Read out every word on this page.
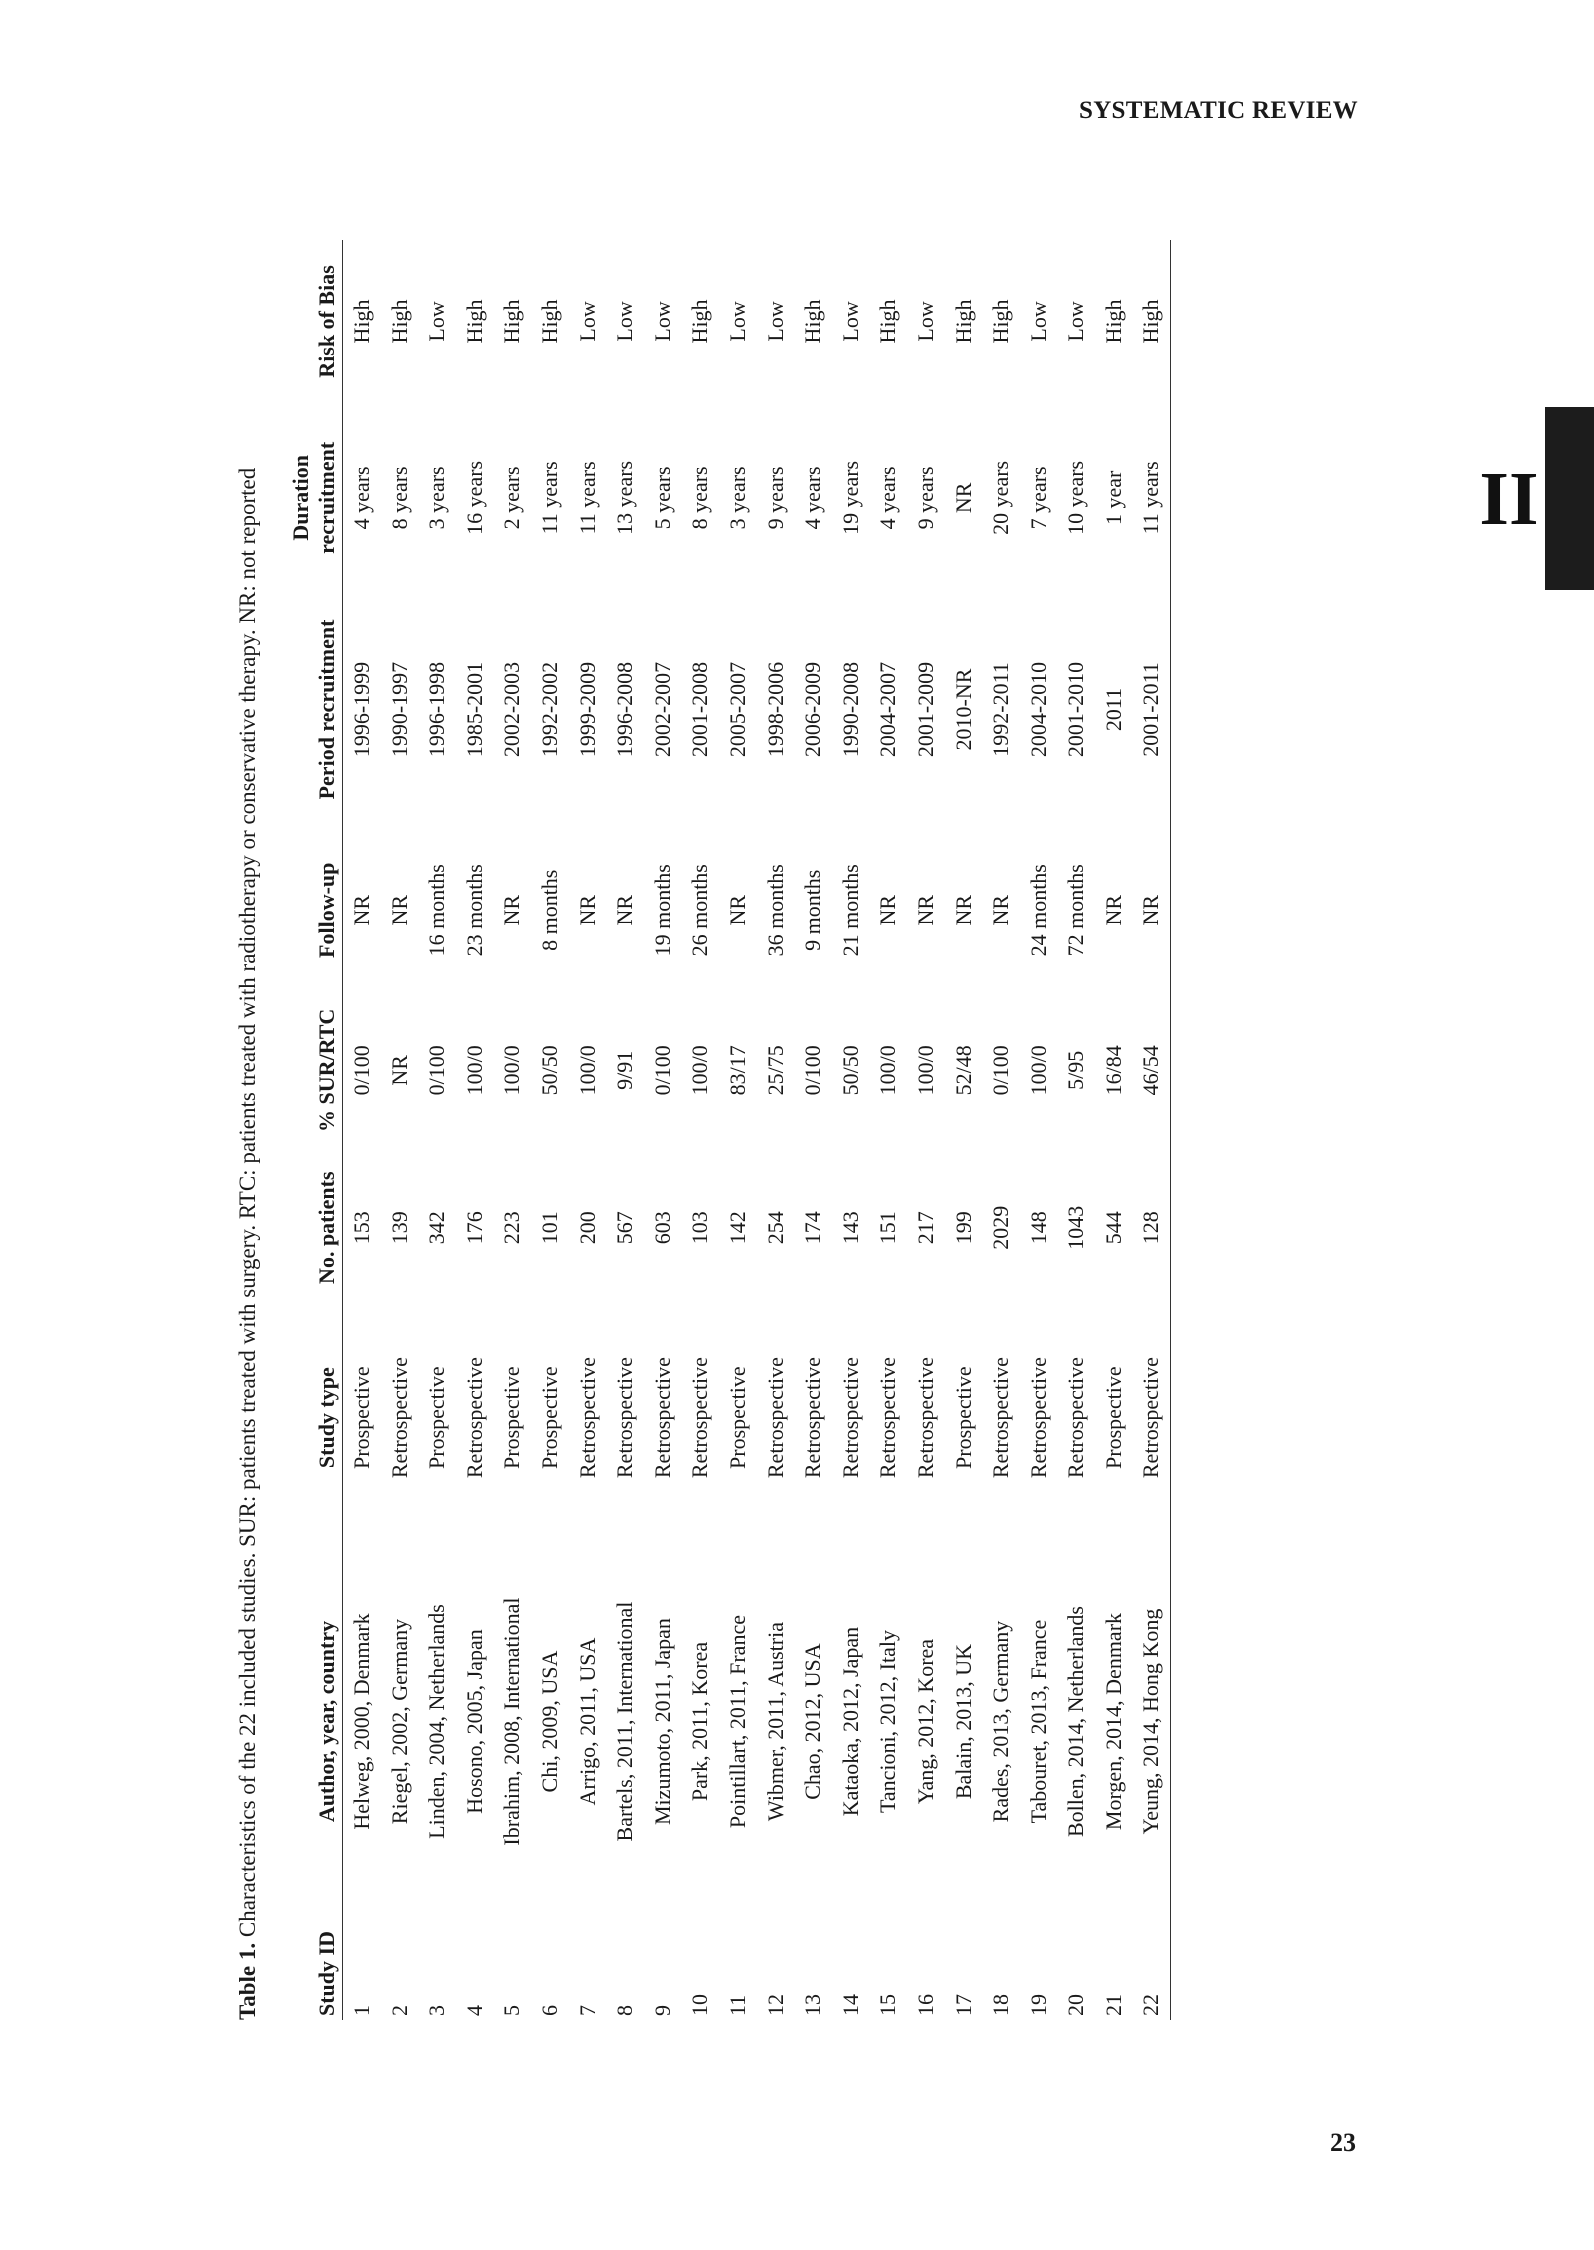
SYSTEMATIC REVIEW
II
23
Table 1. Characteristics of the 22 included studies. SUR: patients treated with surgery. RTC: patients treated with radiotherapy or conservative therapy. NR: not reported
Study ID	Author, year, country	Study type	No. patients	% SUR/RTC	Follow-up	Period recruitment	Duration recruitment	Risk of Bias
1	Helweg, 2000, Denmark	Prospective	153	0/100	NR	1996-1999	4 years	High
2	Riegel, 2002, Germany	Retrospective	139	NR	NR	1990-1997	8 years	High
3	Linden, 2004, Netherlands	Prospective	342	0/100	16 months	1996-1998	3 years	Low
4	Hosono, 2005, Japan	Retrospective	176	100/0	23 months	1985-2001	16 years	High
5	Ibrahim, 2008, International	Prospective	223	100/0	NR	2002-2003	2 years	High
6	Chi, 2009, USA	Prospective	101	50/50	8 months	1992-2002	11 years	High
7	Arrigo, 2011, USA	Retrospective	200	100/0	NR	1999-2009	11 years	Low
8	Bartels, 2011, International	Retrospective	567	9/91	NR	1996-2008	13 years	Low
9	Mizumoto, 2011, Japan	Retrospective	603	0/100	19 months	2002-2007	5 years	Low
10	Park, 2011, Korea	Retrospective	103	100/0	26 months	2001-2008	8 years	High
11	Pointillart, 2011, France	Prospective	142	83/17	NR	2005-2007	3 years	Low
12	Wibmer, 2011, Austria	Retrospective	254	25/75	36 months	1998-2006	9 years	Low
13	Chao, 2012, USA	Retrospective	174	0/100	9 months	2006-2009	4 years	High
14	Kataoka, 2012, Japan	Retrospective	143	50/50	21 months	1990-2008	19 years	Low
15	Tancioni, 2012, Italy	Retrospective	151	100/0	NR	2004-2007	4 years	High
16	Yang, 2012, Korea	Retrospective	217	100/0	NR	2001-2009	9 years	Low
17	Balain, 2013, UK	Prospective	199	52/48	NR	2010-NR	NR	High
18	Rades, 2013, Germany	Retrospective	2029	0/100	NR	1992-2011	20 years	High
19	Tabouret, 2013, France	Retrospective	148	100/0	24 months	2004-2010	7 years	Low
20	Bollen, 2014, Netherlands	Retrospective	1043	5/95	72 months	2001-2010	10 years	Low
21	Morgen, 2014, Denmark	Prospective	544	16/84	NR	2011	1 year	High
22	Yeung, 2014, Hong Kong	Retrospective	128	46/54	NR	2001-2011	11 years	High
